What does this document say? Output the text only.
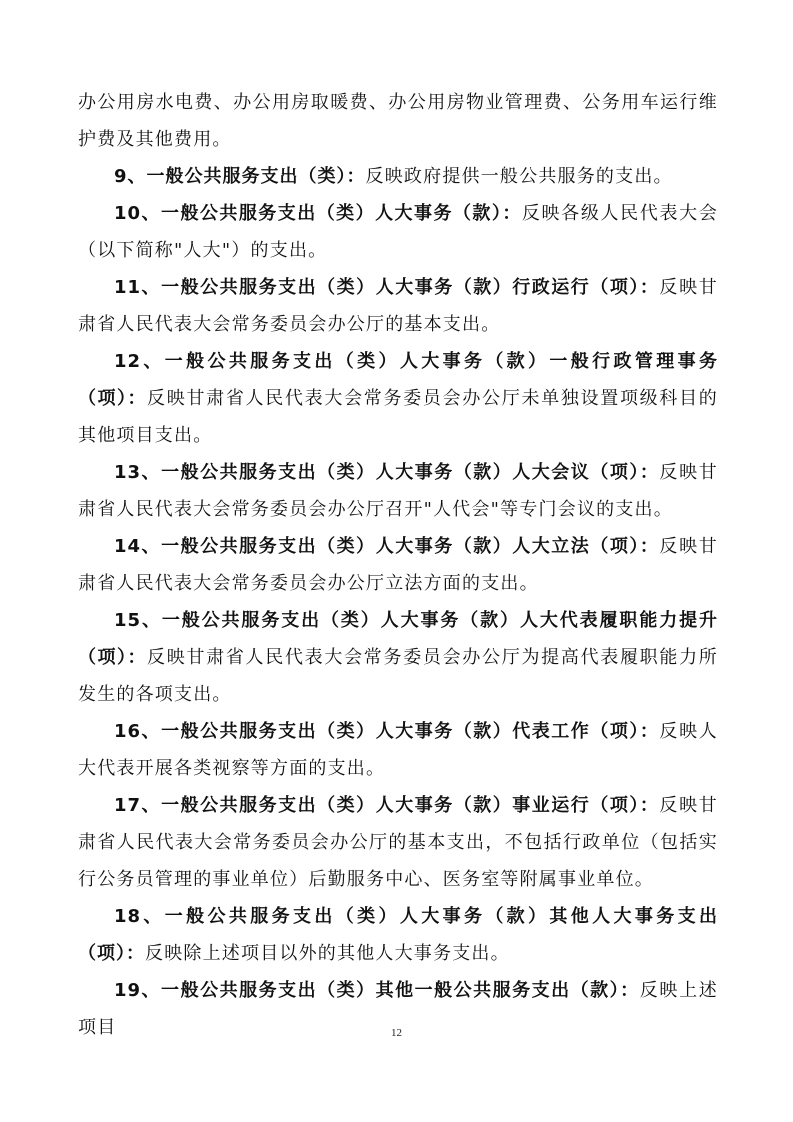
办公用房水电费、办公用房取暖费、办公用房物业管理费、公务用车运行维护费及其他费用。

9、一般公共服务支出（类）：反映政府提供一般公共服务的支出。

10、一般公共服务支出（类）人大事务（款）：反映各级人民代表大会（以下简称"人大"）的支出。

11、一般公共服务支出（类）人大事务（款）行政运行（项）：反映甘肃省人民代表大会常务委员会办公厅的基本支出。

12、一般公共服务支出（类）人大事务（款）一般行政管理事务（项）：反映甘肃省人民代表大会常务委员会办公厅未单独设置项级科目的其他项目支出。

13、一般公共服务支出（类）人大事务（款）人大会议（项）：反映甘肃省人民代表大会常务委员会办公厅召开"人代会"等专门会议的支出。

14、一般公共服务支出（类）人大事务（款）人大立法（项）：反映甘肃省人民代表大会常务委员会办公厅立法方面的支出。

15、一般公共服务支出（类）人大事务（款）人大代表履职能力提升（项）：反映甘肃省人民代表大会常务委员会办公厅为提高代表履职能力所发生的各项支出。

16、一般公共服务支出（类）人大事务（款）代表工作（项）：反映人大代表开展各类视察等方面的支出。

17、一般公共服务支出（类）人大事务（款）事业运行（项）：反映甘肃省人民代表大会常务委员会办公厅的基本支出，不包括行政单位（包括实行公务员管理的事业单位）后勤服务中心、医务室等附属事业单位。

18、一般公共服务支出（类）人大事务（款）其他人大事务支出（项）：反映除上述项目以外的其他人大事务支出。

19、一般公共服务支出（类）其他一般公共服务支出（款）：反映上述项目	12
